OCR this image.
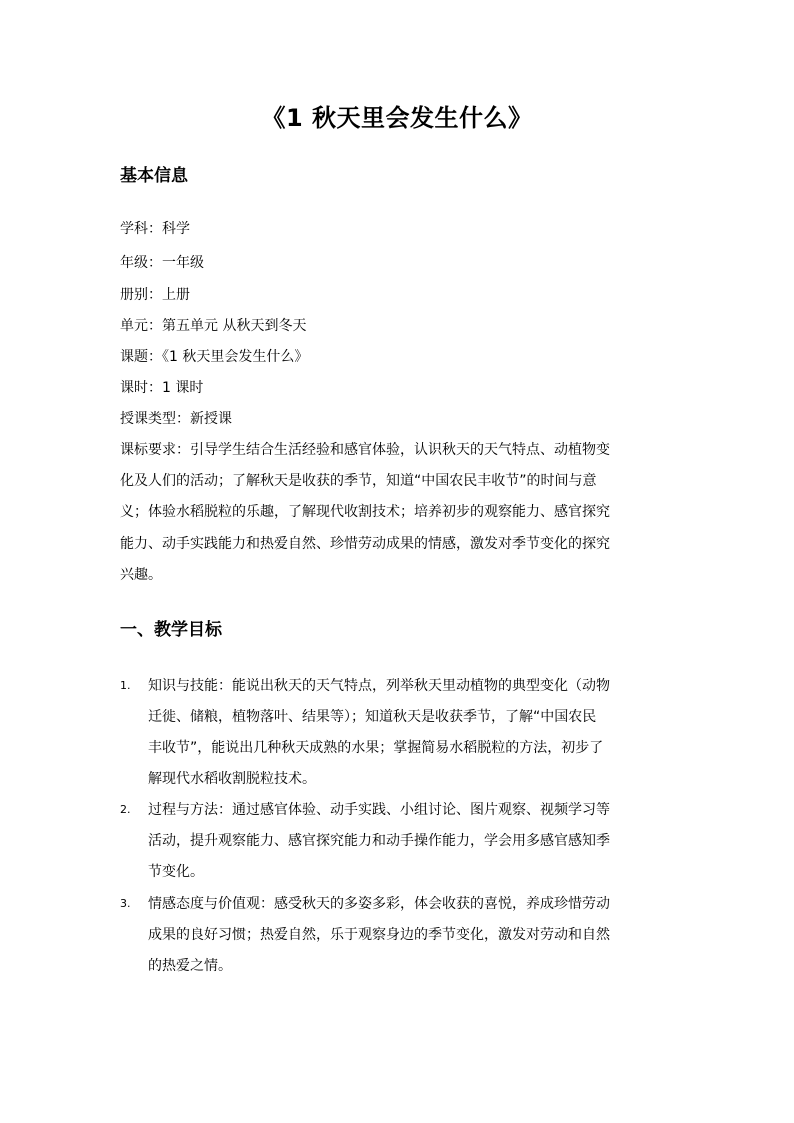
《1 秋天里会发生什么》
基本信息
学科：科学
年级：一年级
册别：上册
单元：第五单元 从秋天到冬天
课题：《1 秋天里会发生什么》
课时：1 课时
授课类型：新授课
课标要求：引导学生结合生活经验和感官体验，认识秋天的天气特点、动植物变
化及人们的活动；了解秋天是收获的季节，知道“中国农民丰收节”的时间与意
义；体验水稻脱粒的乐趣，了解现代收割技术；培养初步的观察能力、感官探究
能力、动手实践能力和热爱自然、珍惜劳动成果的情感，激发对季节变化的探究
兴趣。
一、教学目标
1. 知识与技能：能说出秋天的天气特点，列举秋天里动植物的典型变化（动物
迁徙、储粮，植物落叶、结果等）；知道秋天是收获季节，了解“中国农民
丰收节”，能说出几种秋天成熟的水果；掌握简易水稻脱粒的方法，初步了
解现代水稻收割脱粒技术。
2. 过程与方法：通过感官体验、动手实践、小组讨论、图片观察、视频学习等
活动，提升观察能力、感官探究能力和动手操作能力，学会用多感官感知季
节变化。
3. 情感态度与价值观：感受秋天的多姿多彩，体会收获的喜悦，养成珍惜劳动
成果的良好习惯；热爱自然，乐于观察身边的季节变化，激发对劳动和自然
的热爱之情。
